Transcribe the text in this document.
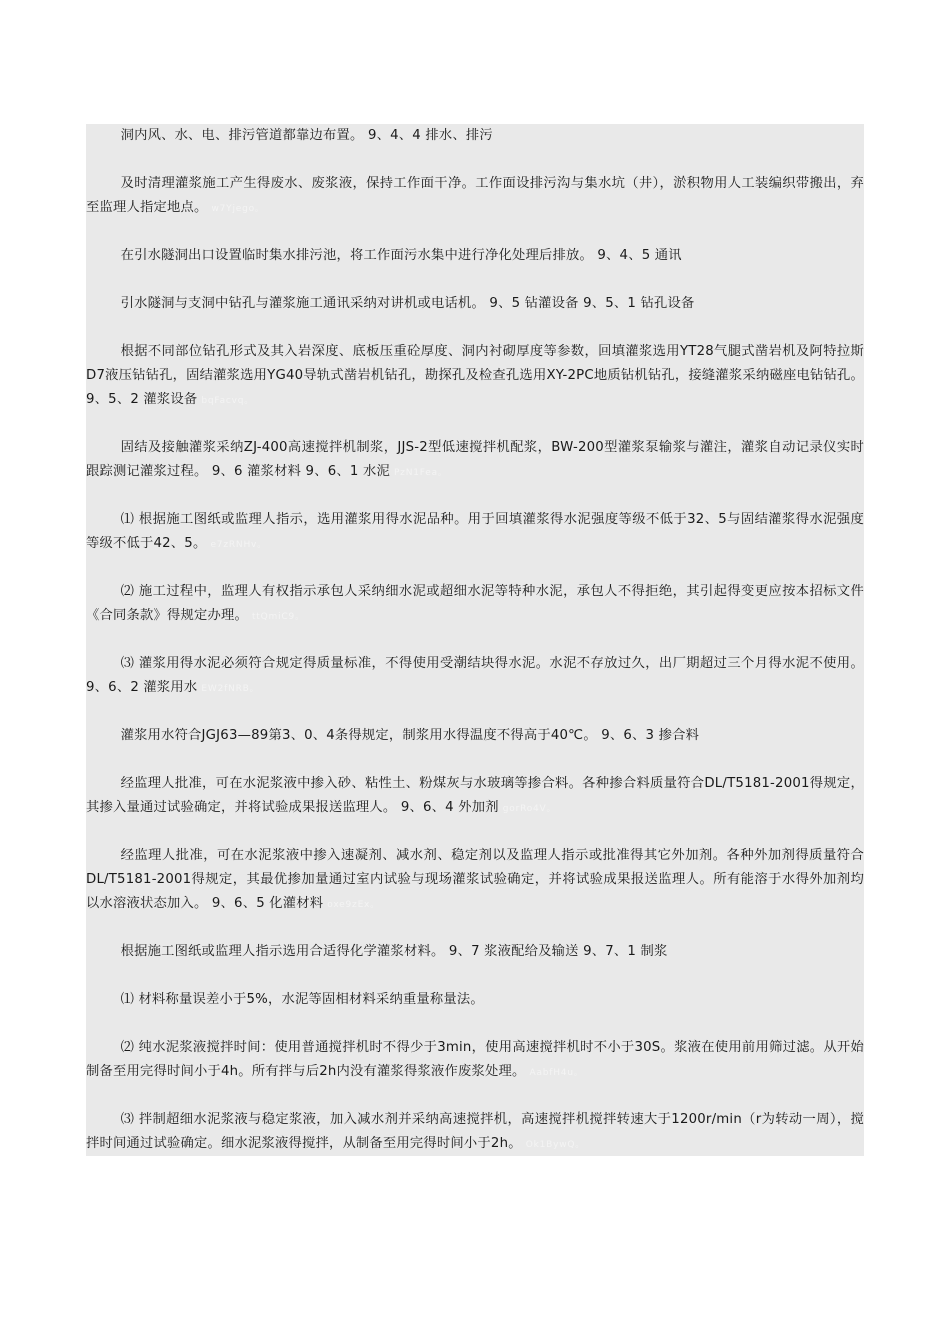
洞内风、水、电、排污管道都靠边布置。 9、4、4 排水、排污

及时清理灌浆施工产生得废水、废浆液，保持工作面干净。工作面设排污沟与集水坑（井），淤积物用人工装编织带搬出，弃至监理人指定地点。 w7Yjego。

在引水隧洞出口设置临时集水排污池，将工作面污水集中进行净化处理后排放。 9、4、5 通讯

引水隧洞与支洞中钻孔与灌浆施工通讯采纳对讲机或电话机。 9、5 钻灌设备 9、5、1 钻孔设备

根据不同部位钻孔形式及其入岩深度、底板压重砼厚度、洞内衬砌厚度等参数，回填灌浆选用YT28气腿式凿岩机及阿特拉斯D7液压钻钻孔，固结灌浆选用YG40导轨式凿岩机钻孔，勘探孔及检查孔选用XY-2PC地质钻机钻孔，接缝灌浆采纳磁座电钻钻孔。 9、5、2 灌浆设备 bqFacvq。

固结及接触灌浆采纳ZJ-400高速搅拌机制浆，JJS-2型低速搅拌机配浆，BW-200型灌浆泵输浆与灌注，灌浆自动记录仪实时跟踪测记灌浆过程。 9、6 灌浆材料 9、6、1 水泥 PzN1Fea。

⑴ 根据施工图纸或监理人指示，选用灌浆用得水泥品种。用于回填灌浆得水泥强度等级不低于32、5与固结灌浆得水泥强度等级不低于42、5。 e7zRNHv。

⑵ 施工过程中，监理人有权指示承包人采纳细水泥或超细水泥等特种水泥，承包人不得拒绝，其引起得变更应按本招标文件《合同条款》得规定办理。 ttQmiC9。

⑶ 灌浆用得水泥必须符合规定得质量标准，不得使用受潮结块得水泥。水泥不存放过久，出厂期超过三个月得水泥不使用。 9、6、2 灌浆用水 EW2fNRB。

灌浆用水符合JGJ63—89第3、0、4条得规定，制浆用水得温度不得高于40℃。 9、6、3 掺合料

经监理人批准，可在水泥浆液中掺入砂、粘性土、粉煤灰与水玻璃等掺合料。各种掺合料质量符合DL/T5181-2001得规定，其掺入量通过试验确定，并将试验成果报送监理人。 9、6、4 外加剂 gorRo4V。

经监理人批准，可在水泥浆液中掺入速凝剂、减水剂、稳定剂以及监理人指示或批准得其它外加剂。各种外加剂得质量符合DL/T5181-2001得规定，其最优掺加量通过室内试验与现场灌浆试验确定，并将试验成果报送监理人。所有能溶于水得外加剂均以水溶液状态加入。 9、6、5 化灌材料 oxe9zEx。

根据施工图纸或监理人指示选用合适得化学灌浆材料。 9、7 浆液配给及输送 9、7、1 制浆

⑴ 材料称量误差小于5%，水泥等固相材料采纳重量称量法。

⑵ 纯水泥浆液搅拌时间：使用普通搅拌机时不得少于3min，使用高速搅拌机时不小于30S。浆液在使用前用筛过滤。从开始制备至用完得时间小于4h。所有拌与后2h内没有灌浆得浆液作废浆处理。 AabfH4u。

⑶ 拌制超细水泥浆液与稳定浆液，加入减水剂并采纳高速搅拌机，高速搅拌机搅拌转速大于1200r/min（r为转动一周），搅拌时间通过试验确定。细水泥浆液得搅拌，从制备至用完得时间小于2h。 Ok1BywQ。
